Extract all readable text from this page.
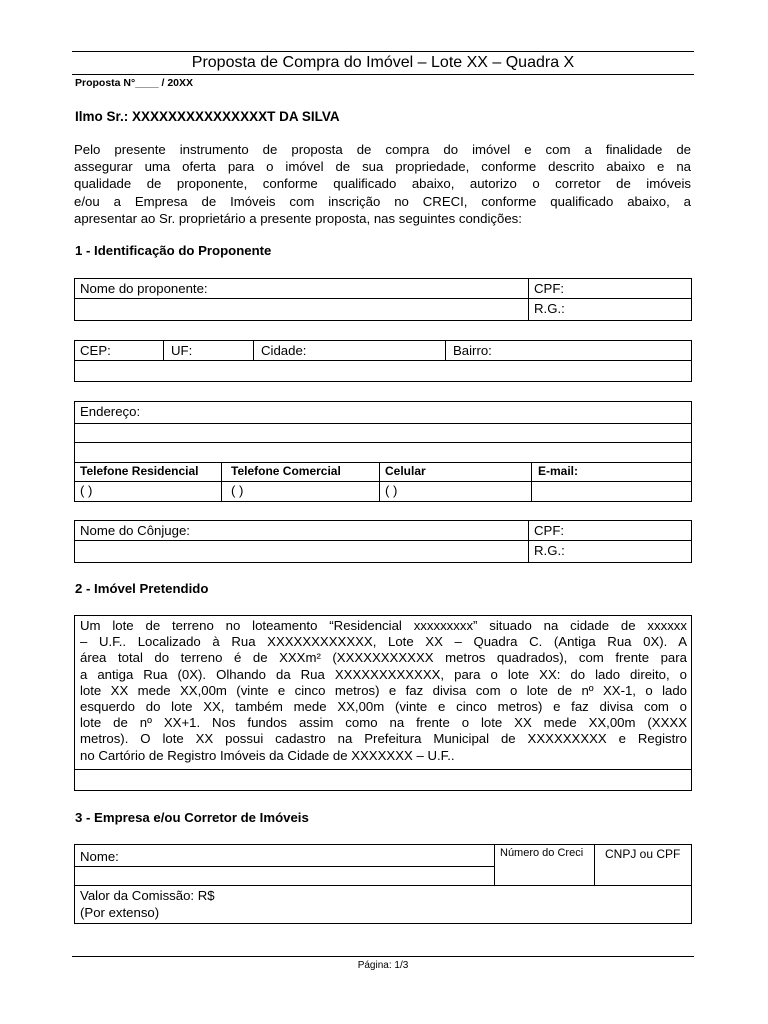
Proposta de Compra do Imóvel – Lote XX – Quadra X
Proposta N°____ / 20XX
Ilmo Sr.: XXXXXXXXXXXXXXXT DA SILVA
Pelo presente instrumento de proposta de compra do imóvel e com a finalidade de
assegurar uma oferta para o imóvel de sua propriedade, conforme descrito abaixo e na
qualidade de proponente, conforme qualificado abaixo, autorizo o corretor de imóveis
e/ou a Empresa de Imóveis com inscrição no CRECI, conforme qualificado abaixo, a
apresentar ao Sr. proprietário a presente proposta, nas seguintes condições:
1 - Identificação do Proponente
Nome do proponente:	CPF:
R.G.:
CEP:	UF:	Cidade:	Bairro:
Endereço:
Telefone Residencial	Telefone Comercial	Celular	E-mail:
( )	( )	( )
Nome do Cônjuge:	CPF:
R.G.:
2 - Imóvel Pretendido
Um lote de terreno no loteamento “Residencial xxxxxxxxx” situado na cidade de xxxxxx
– U.F.. Localizado à Rua XXXXXXXXXXXX, Lote XX – Quadra C. (Antiga Rua 0X). A
área total do terreno é de XXXm² (XXXXXXXXXXX metros quadrados), com frente para
a antiga Rua (0X). Olhando da Rua XXXXXXXXXXXX, para o lote XX: do lado direito, o
lote XX mede XX,00m (vinte e cinco metros) e faz divisa com o lote de nº XX-1, o lado
esquerdo do lote XX, também mede XX,00m (vinte e cinco metros) e faz divisa com o
lote de nº XX+1. Nos fundos assim como na frente o lote XX mede XX,00m (XXXX
metros). O lote XX possui cadastro na Prefeitura Municipal de XXXXXXXXX e Registro
no Cartório de Registro Imóveis da Cidade de XXXXXXX – U.F..
3 - Empresa e/ou Corretor de Imóveis
Nome:	Número do Creci CNPJ ou CPF
Valor da Comissão: R$
(Por extenso)
Página: 1/3
